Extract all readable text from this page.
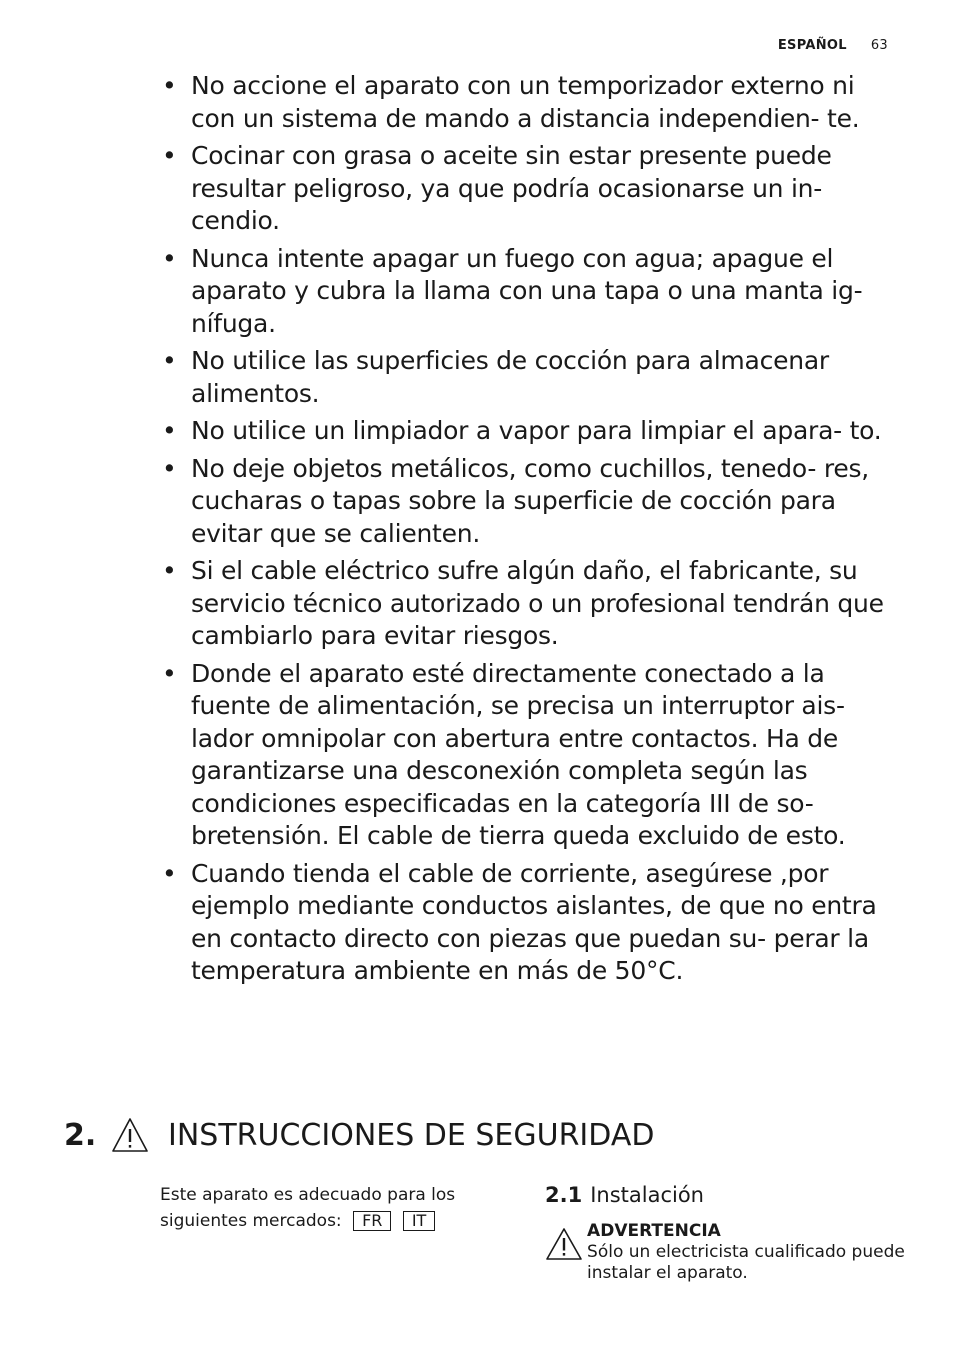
ESPAÑOL 63
• No accione el aparato con un temporizador externo ni con un sistema de mando a distancia independien- te.
• Cocinar con grasa o aceite sin estar presente puede resultar peligroso, ya que podría ocasionarse un in- cendio.
• Nunca intente apagar un fuego con agua; apague el aparato y cubra la llama con una tapa o una manta ig- nífuga.
• No utilice las superficies de cocción para almacenar alimentos.
• No utilice un limpiador a vapor para limpiar el apara- to.
• No deje objetos metálicos, como cuchillos, tenedo- res, cucharas o tapas sobre la superficie de cocción para evitar que se calienten.
• Si el cable eléctrico sufre algún daño, el fabricante, su servicio técnico autorizado o un profesional tendrán que cambiarlo para evitar riesgos.
• Donde el aparato esté directamente conectado a la fuente de alimentación, se precisa un interruptor ais- lador omnipolar con abertura entre contactos. Ha de garantizarse una desconexión completa según las condiciones especificadas en la categoría III de so- bretensión. El cable de tierra queda excluido de esto.
• Cuando tienda el cable de corriente, asegúrese ,por ejemplo mediante conductos aislantes, de que no entra en contacto directo con piezas que puedan su- perar la temperatura ambiente en más de 50°C.
2. INSTRUCCIONES DE SEGURIDAD
Este aparato es adecuado para los siguientes mercados: FR IT
2.1 Instalación
ADVERTENCIA
Sólo un electricista cualificado puede instalar el aparato.
